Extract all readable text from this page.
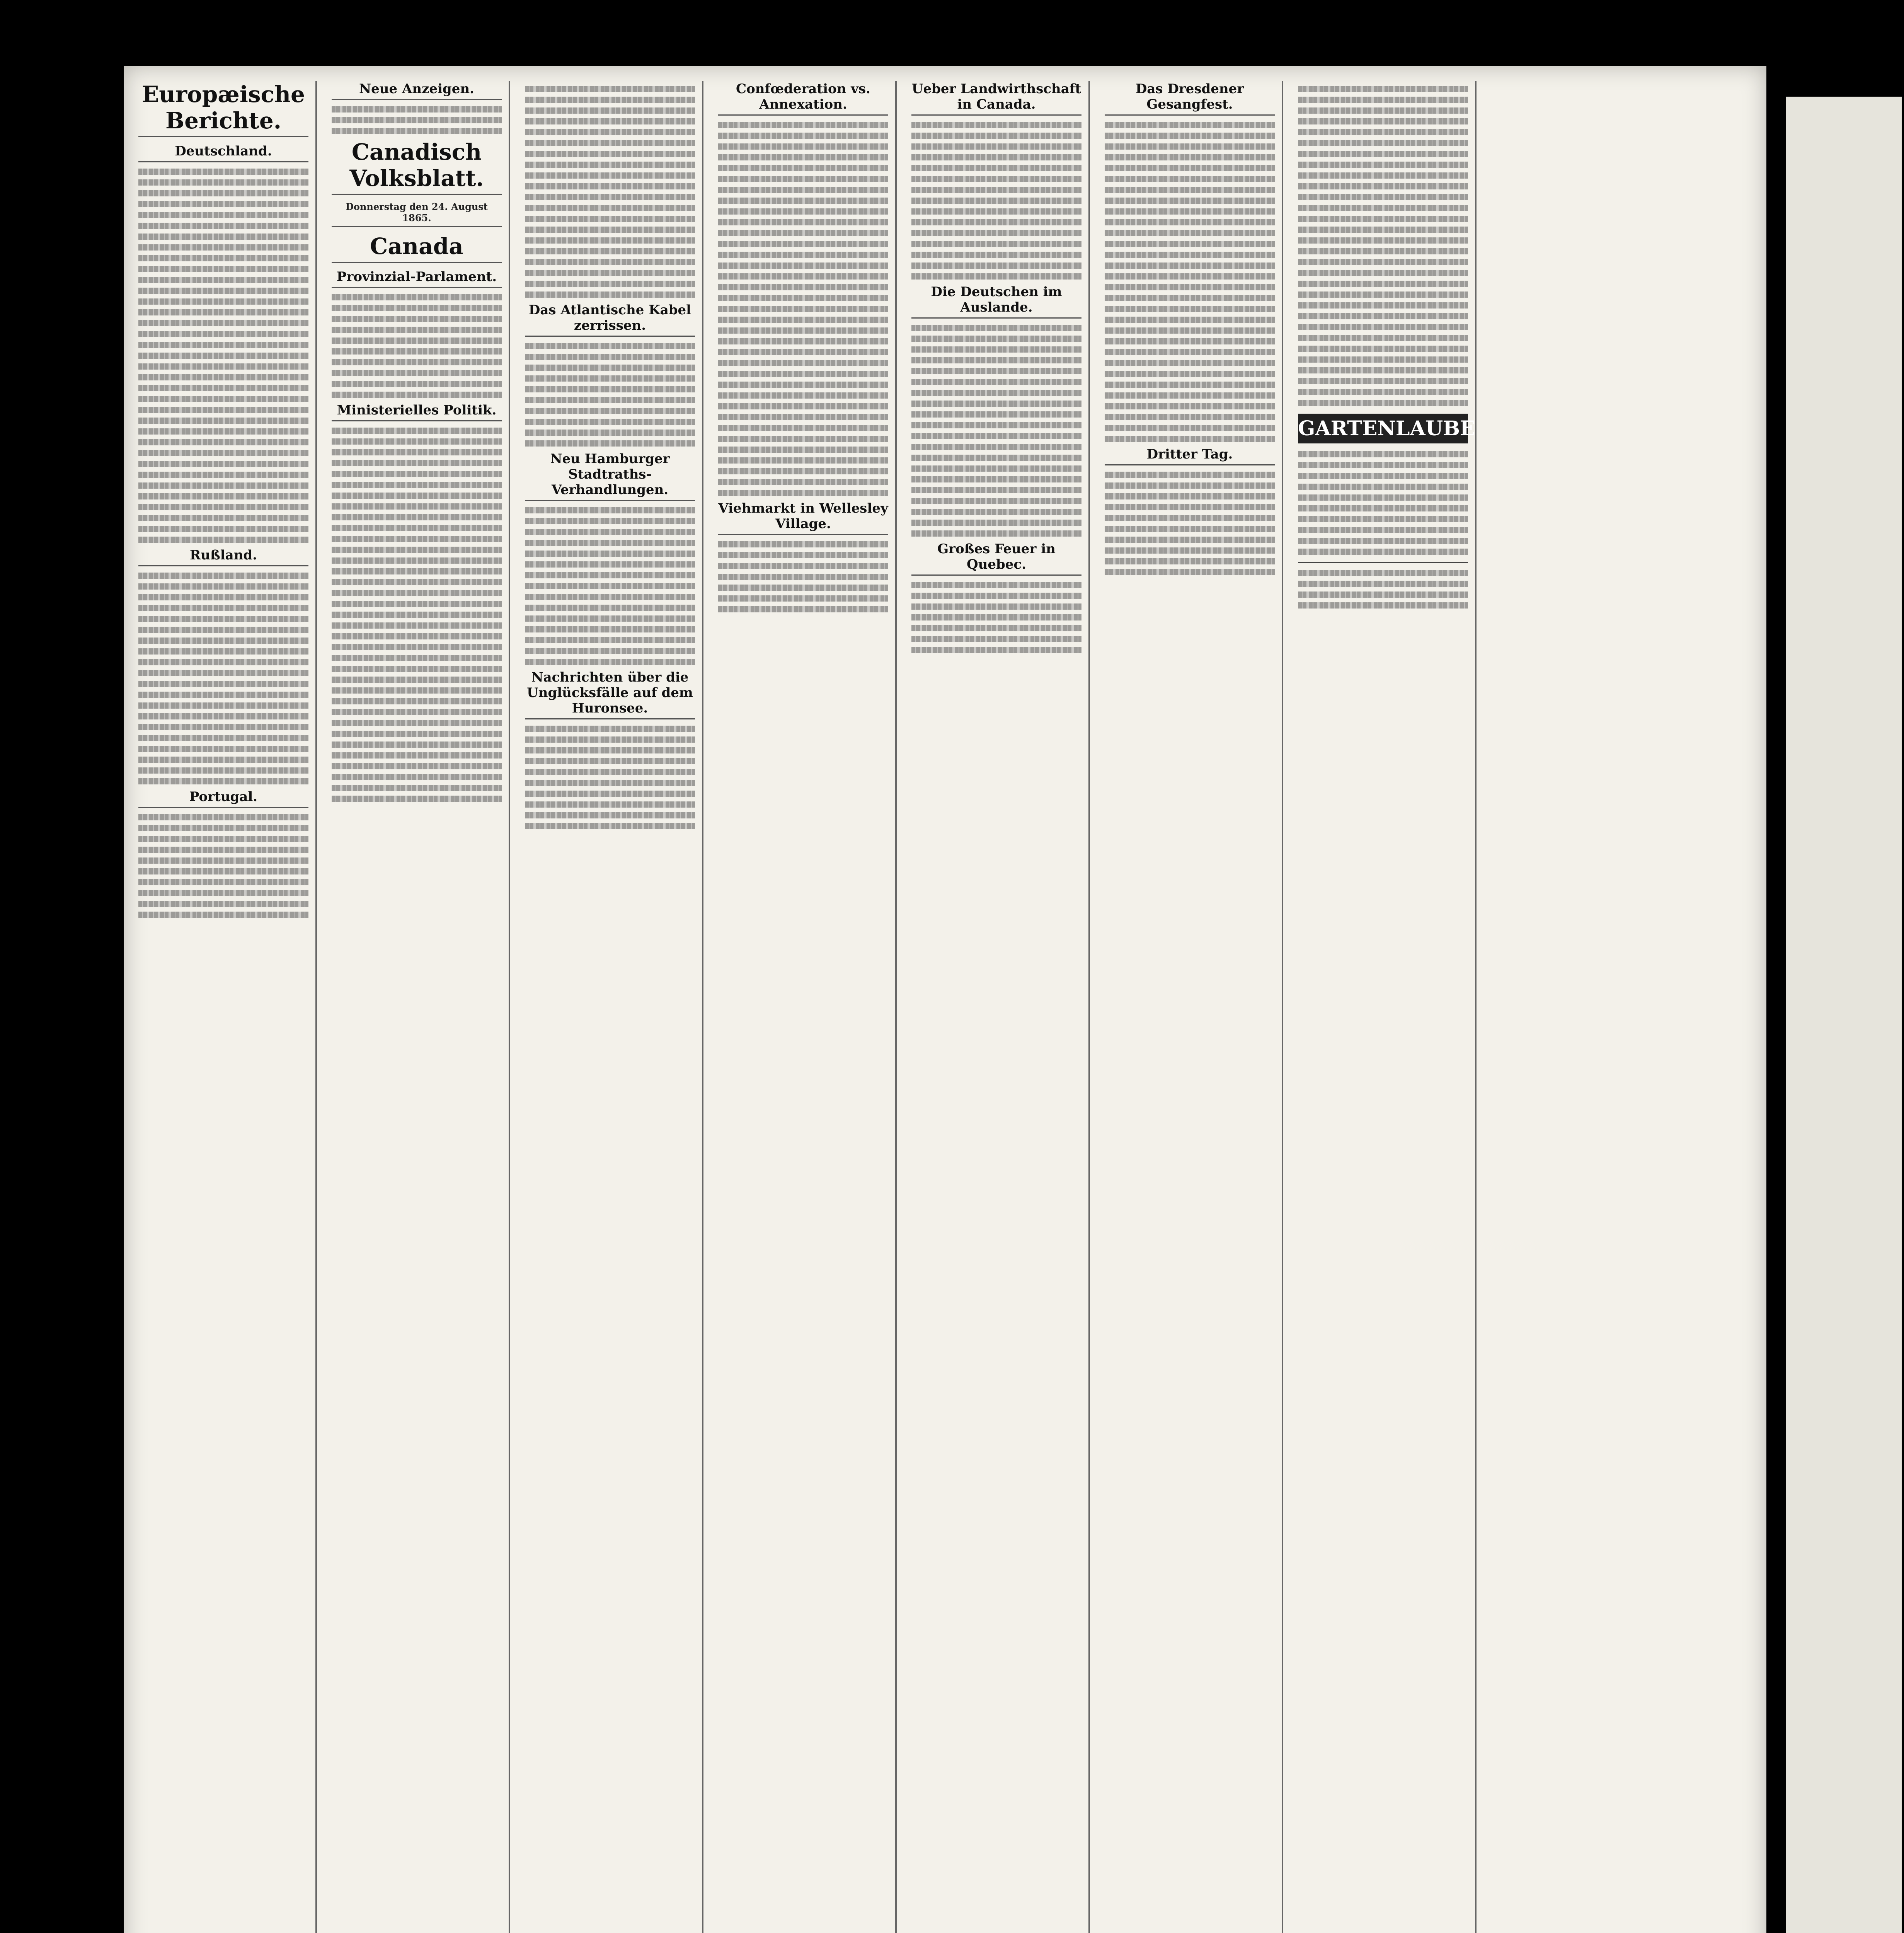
Europæische Berichte.
Deutschland.
Rußland.
Portugal.
Neue Anzeigen.
Canadisch Volksblatt.
Donnerstag den 24. August 1865.
Canada
Provinzial-Parlament.
Ministerielles Politik.
Das Atlantische Kabel zerrissen.
Neu Hamburger Stadtraths-Verhandlungen.
Nachrichten über die Unglücksfälle auf dem Huronsee.
Confœderation vs. Annexation.
Viehmarkt in Wellesley Village.
Ueber Landwirthschaft in Canada.
Die Deutschen im Auslande.
Großes Feuer in Quebec.
Das Dresdener Gesangfest.
Dritter Tag.
GARTENLAUBE
